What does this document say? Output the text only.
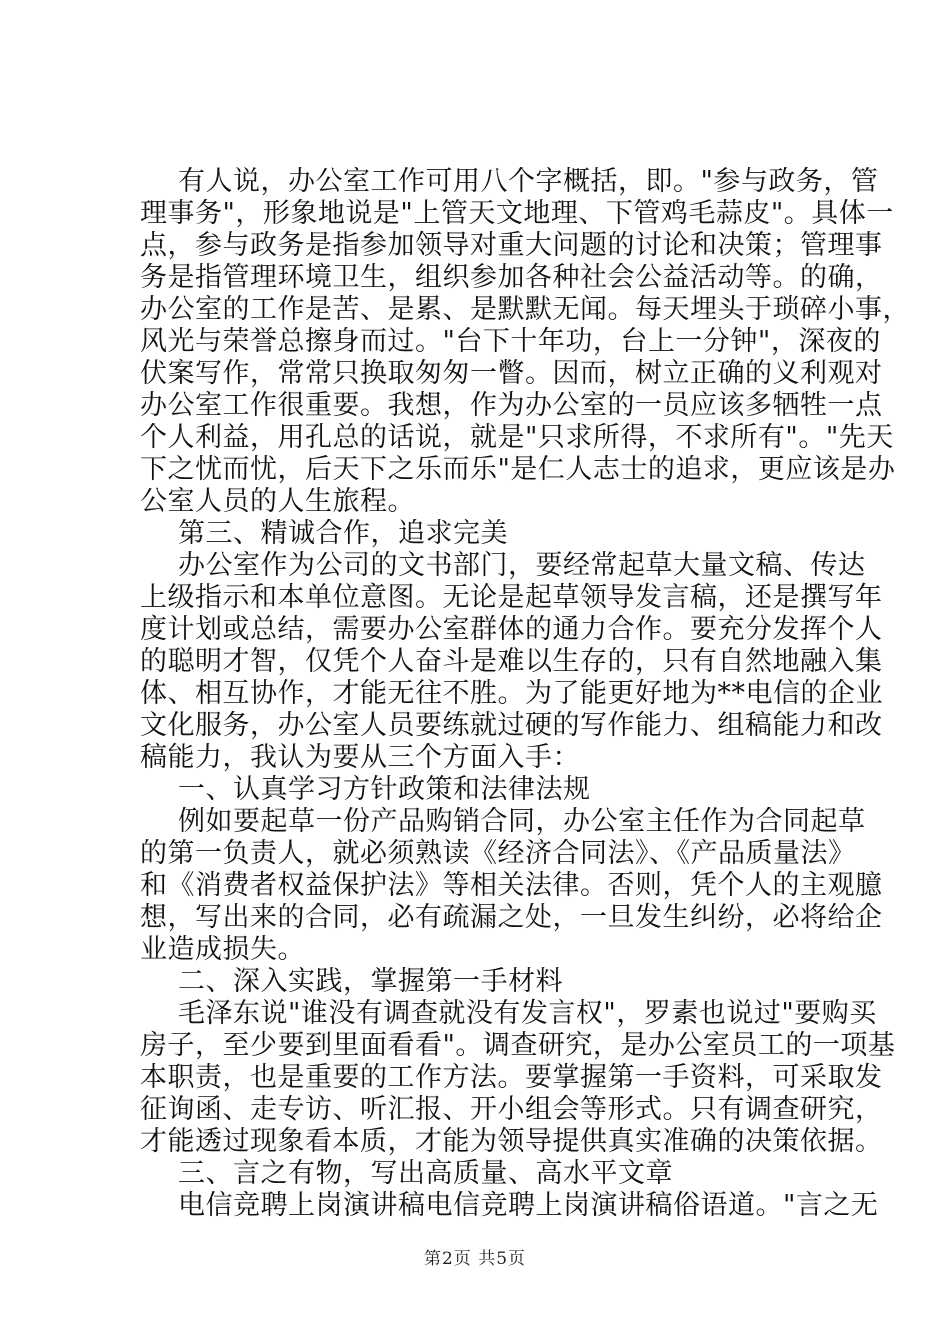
有人说，办公室工作可用八个字概括，即。"参与政务，管
理事务"，形象地说是"上管天文地理、下管鸡毛蒜皮"。具体一
点，参与政务是指参加领导对重大问题的讨论和决策；管理事
务是指管理环境卫生，组织参加各种社会公益活动等。的确，
办公室的工作是苦、是累、是默默无闻。每天埋头于琐碎小事，
风光与荣誉总擦身而过。"台下十年功，台上一分钟"，深夜的
伏案写作，常常只换取匆匆一瞥。因而，树立正确的义利观对
办公室工作很重要。我想，作为办公室的一员应该多牺牲一点
个人利益，用孔总的话说，就是"只求所得，不求所有"。"先天
下之忧而忧，后天下之乐而乐"是仁人志士的追求，更应该是办
公室人员的人生旅程。
第三、精诚合作，追求完美
办公室作为公司的文书部门，要经常起草大量文稿、传达
上级指示和本单位意图。无论是起草领导发言稿，还是撰写年
度计划或总结，需要办公室群体的通力合作。要充分发挥个人
的聪明才智，仅凭个人奋斗是难以生存的，只有自然地融入集
体、相互协作，才能无往不胜。为了能更好地为**电信的企业
文化服务，办公室人员要练就过硬的写作能力、组稿能力和改
稿能力，我认为要从三个方面入手：
一、认真学习方针政策和法律法规
例如要起草一份产品购销合同，办公室主任作为合同起草
的第一负责人，就必须熟读《经济合同法》、《产品质量法》
和《消费者权益保护法》等相关法律。否则，凭个人的主观臆
想，写出来的合同，必有疏漏之处，一旦发生纠纷，必将给企
业造成损失。
二、深入实践，掌握第一手材料
毛泽东说"谁没有调查就没有发言权"，罗素也说过"要购买
房子，至少要到里面看看"。调查研究，是办公室员工的一项基
本职责，也是重要的工作方法。要掌握第一手资料，可采取发
征询函、走专访、听汇报、开小组会等形式。只有调查研究，
才能透过现象看本质，才能为领导提供真实准确的决策依据。
三、言之有物，写出高质量、高水平文章
电信竞聘上岗演讲稿电信竞聘上岗演讲稿俗语道。"言之无
第2页 共5页
